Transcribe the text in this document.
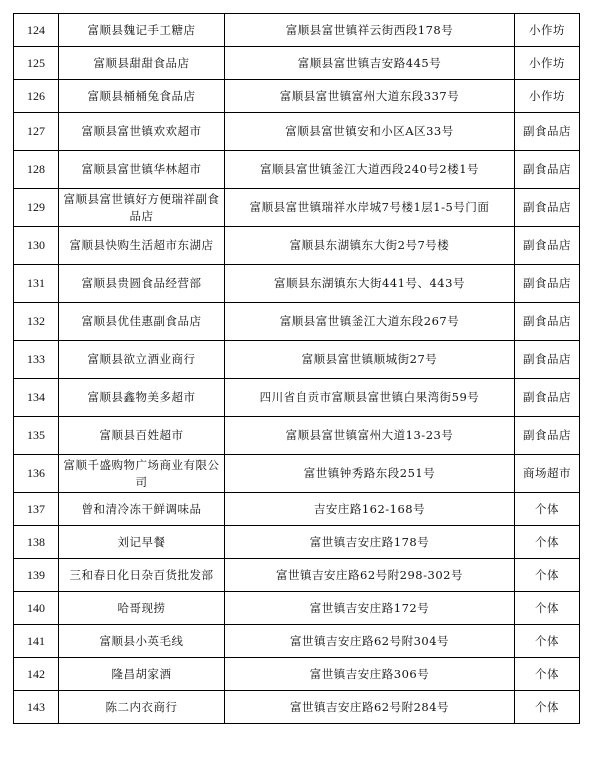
124	富顺县魏记手工糖店	富顺县富世镇祥云街西段178号	小作坊
125	富顺县甜甜食品店	富顺县富世镇吉安路445号	小作坊
126	富顺县桶桶兔食品店	富顺县富世镇富州大道东段337号	小作坊
127	富顺县富世镇欢欢超市	富顺县富世镇安和小区A区33号	副食品店
128	富顺县富世镇华林超市	富顺县富世镇釜江大道西段240号2楼1号	副食品店
129	富顺县富世镇好方便瑞祥副食品店	富顺县富世镇瑞祥水岸城7号楼1层1-5号门面	副食品店
130	富顺县快购生活超市东湖店	富顺县东湖镇东大街2号7号楼	副食品店
131	富顺县贵圆食品经营部	富顺县东湖镇东大街441号、443号	副食品店
132	富顺县优佳惠副食品店	富顺县富世镇釜江大道东段267号	副食品店
133	富顺县欲立酒业商行	富顺县富世镇顺城街27号	副食品店
134	富顺县鑫物美多超市	四川省自贡市富顺县富世镇白果湾街59号	副食品店
135	富顺县百姓超市	富顺县富世镇富州大道13-23号	副食品店
136	富顺千盛购物广场商业有限公司	富世镇钟秀路东段251号	商场超市
137	曾和清冷冻干鲜调味品	吉安庄路162-168号	个体
138	刘记早餐	富世镇吉安庄路178号	个体
139	三和春日化日杂百货批发部	富世镇吉安庄路62号附298-302号	个体
140	哈哥现捞	富世镇吉安庄路172号	个体
141	富顺县小英毛线	富世镇吉安庄路62号附304号	个体
142	隆昌胡家酒	富世镇吉安庄路306号	个体
143	陈二内衣商行	富世镇吉安庄路62号附284号	个体
